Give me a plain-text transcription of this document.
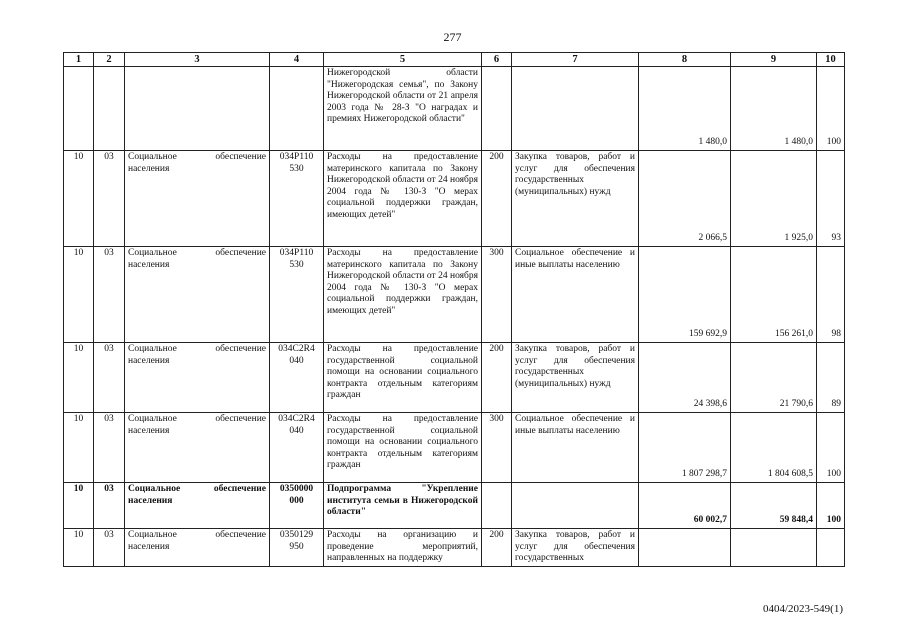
277
1	2	3	4	5	6	7	8	9	10
				Нижегородской области "Нижегородская семья", по Закону Нижегородской области от 21 апреля 2003 года № 28-З "О наградах и премиях Нижегородской области"			1 480,0	1 480,0	100
10	03	Социальное обеспечение населения	034P110 530	Расходы на предоставление материнского капитала по Закону Нижегородской области от 24 ноября 2004 года № 130-З "О мерах социальной поддержки граждан, имеющих детей"	200	Закупка товаров, работ и услуг для обеспечения государственных (муниципальных) нужд	2 066,5	1 925,0	93
10	03	Социальное обеспечение населения	034P110 530	Расходы на предоставление материнского капитала по Закону Нижегородской области от 24 ноября 2004 года № 130-З "О мерах социальной поддержки граждан, имеющих детей"	300	Социальное обеспечение и иные выплаты населению	159 692,9	156 261,0	98
10	03	Социальное обеспечение населения	034C2R4 040	Расходы на предоставление государственной социальной помощи на основании социального контракта отдельным категориям граждан	200	Закупка товаров, работ и услуг для обеспечения государственных (муниципальных) нужд	24 398,6	21 790,6	89
10	03	Социальное обеспечение населения	034C2R4 040	Расходы на предоставление государственной социальной помощи на основании социального контракта отдельным категориям граждан	300	Социальное обеспечение и иные выплаты населению	1 807 298,7	1 804 608,5	100
10	03	Социальное обеспечение населения	0350000 000	Подпрограмма "Укрепление института семьи в Нижегородской области"			60 002,7	59 848,4	100
10	03	Социальное обеспечение населения	0350129 950	Расходы на организацию и проведение мероприятий, направленных на поддержку	200	Закупка товаров, работ и услуг для обеспечения государственных			
0404/2023-549(1)
